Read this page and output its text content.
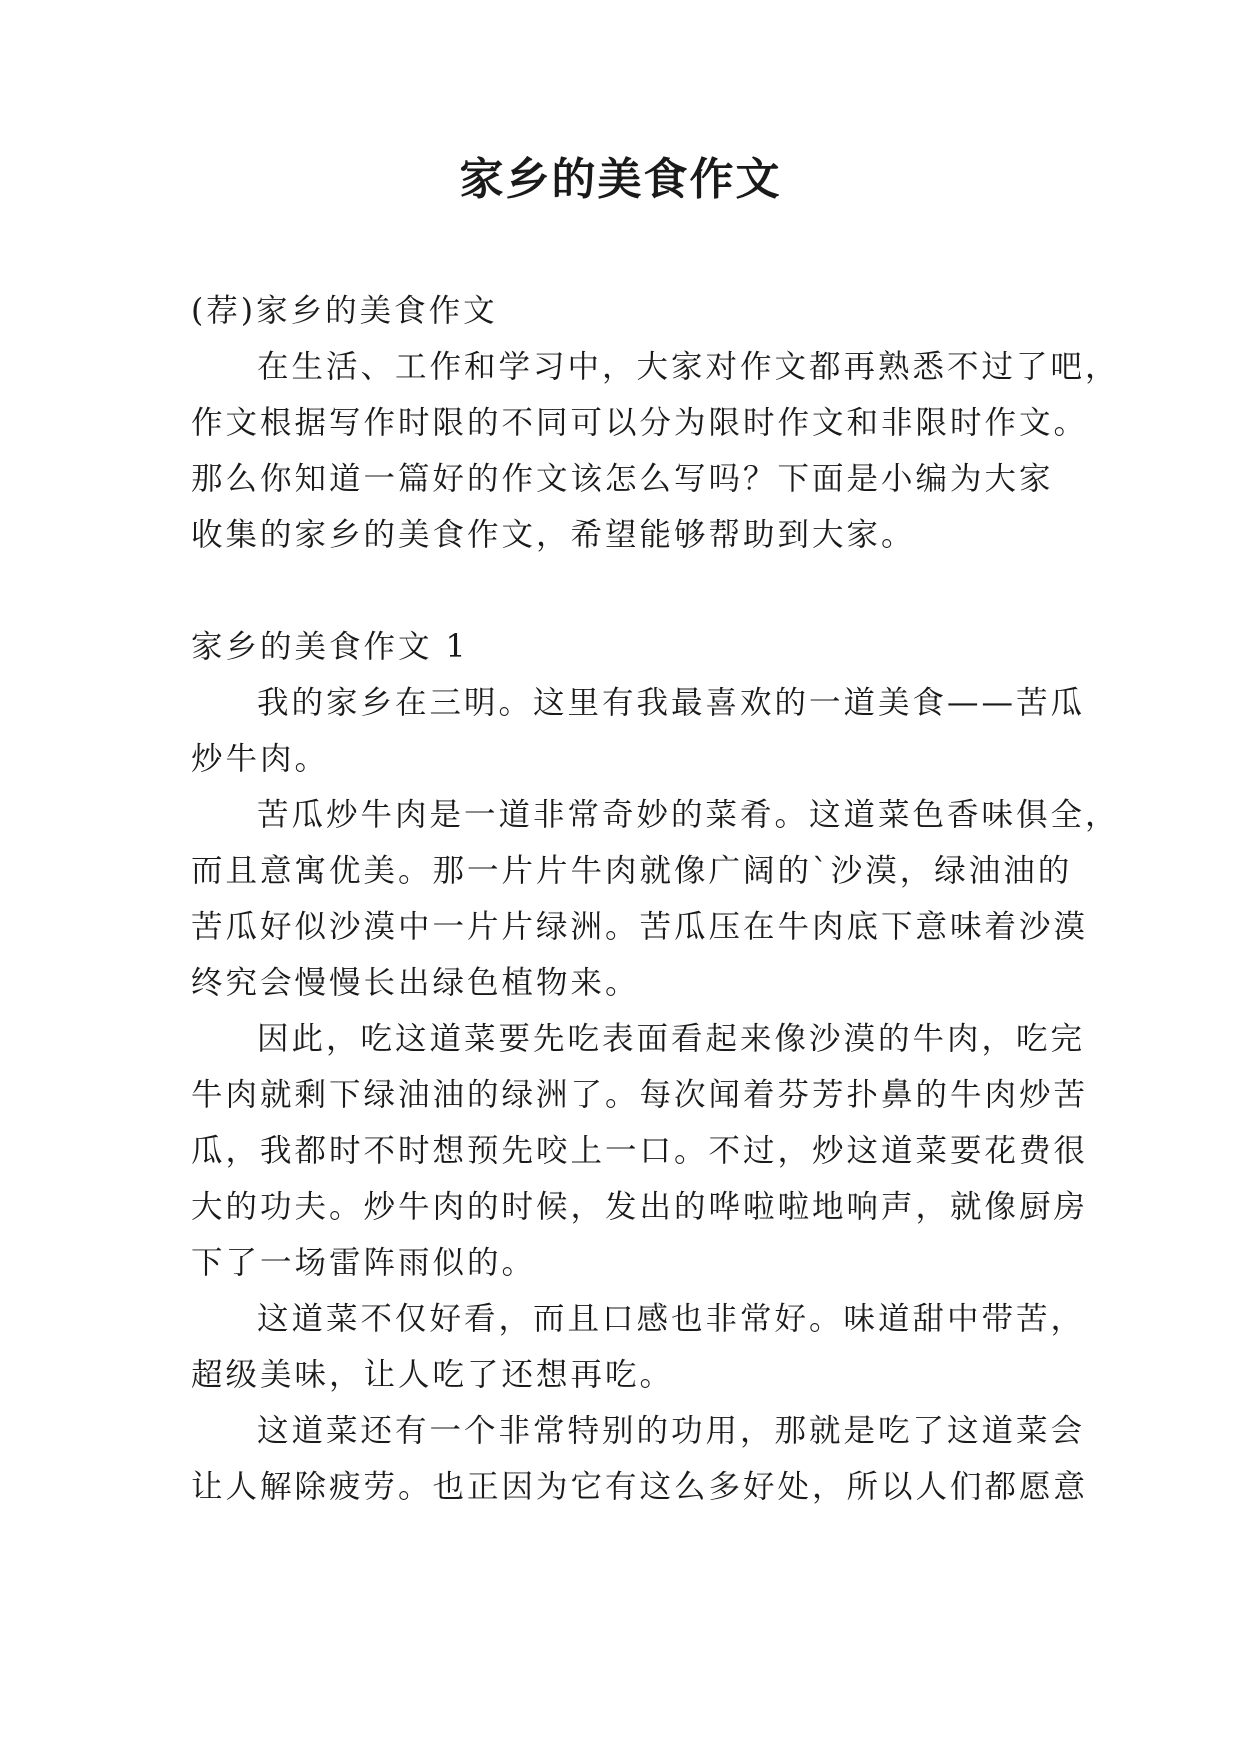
家乡的美食作文
(荐)家乡的美食作文
在生活、工作和学习中，大家对作文都再熟悉不过了吧，
作文根据写作时限的不同可以分为限时作文和非限时作文。
那么你知道一篇好的作文该怎么写吗？下面是小编为大家
收集的家乡的美食作文，希望能够帮助到大家。
家乡的美食作文 1
我的家乡在三明。这里有我最喜欢的一道美食——苦瓜
炒牛肉。
苦瓜炒牛肉是一道非常奇妙的菜肴。这道菜色香味俱全，
而且意寓优美。那一片片牛肉就像广阔的`沙漠，绿油油的
苦瓜好似沙漠中一片片绿洲。苦瓜压在牛肉底下意味着沙漠
终究会慢慢长出绿色植物来。
因此，吃这道菜要先吃表面看起来像沙漠的牛肉，吃完
牛肉就剩下绿油油的绿洲了。每次闻着芬芳扑鼻的牛肉炒苦
瓜，我都时不时想预先咬上一口。不过，炒这道菜要花费很
大的功夫。炒牛肉的时候，发出的哗啦啦地响声，就像厨房
下了一场雷阵雨似的。
这道菜不仅好看，而且口感也非常好。味道甜中带苦，
超级美味，让人吃了还想再吃。
这道菜还有一个非常特别的功用，那就是吃了这道菜会
让人解除疲劳。也正因为它有这么多好处，所以人们都愿意
